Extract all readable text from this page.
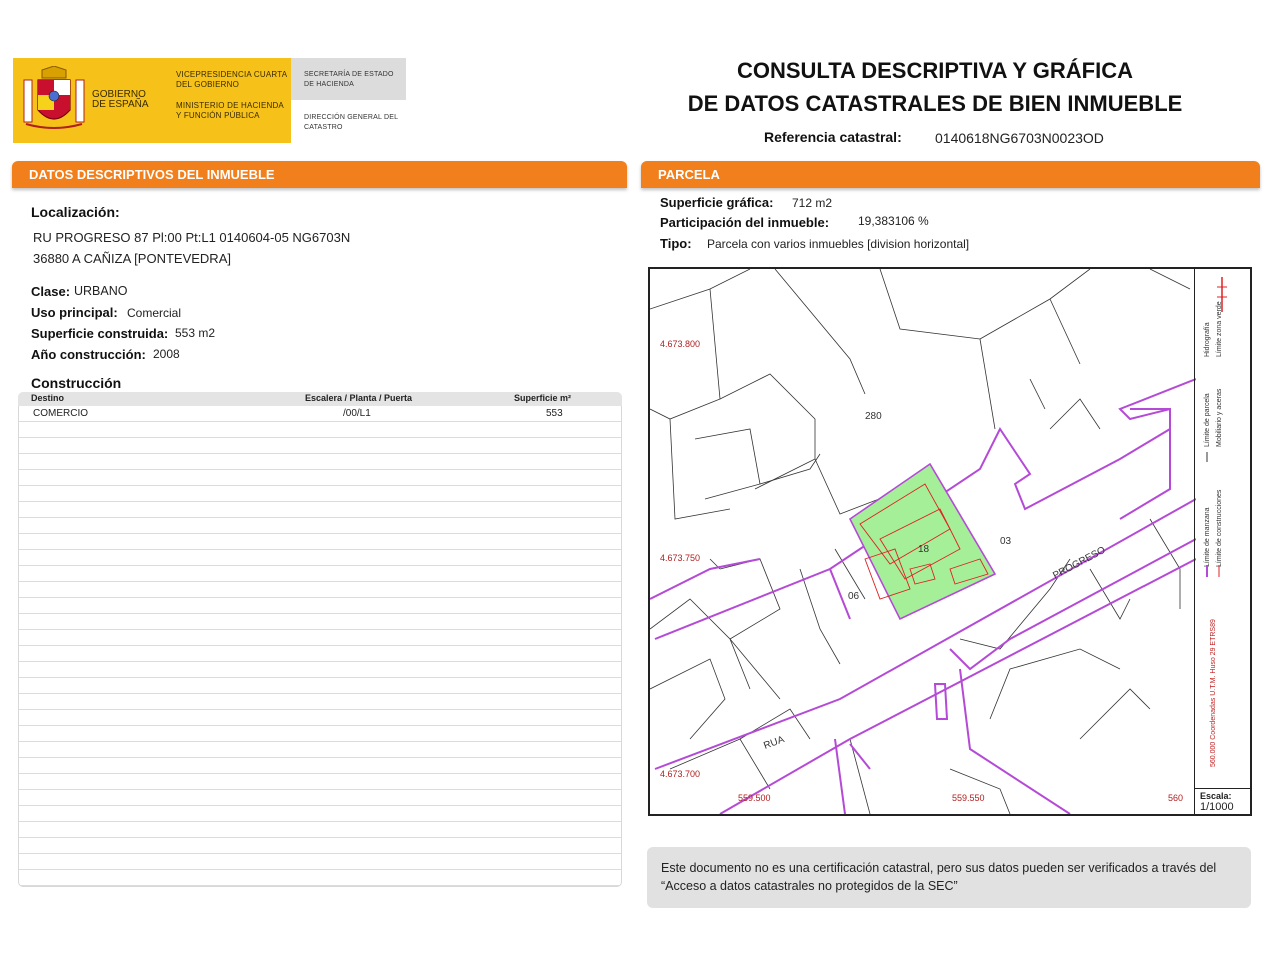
GOBIERNO DE ESPAÑA
VICEPRESIDENCIA CUARTA DEL GOBIERNO
MINISTERIO DE HACIENDA Y FUNCIÓN PÚBLICA
SECRETARÍA DE ESTADO DE HACIENDA
DIRECCIÓN GENERAL DEL CATASTRO
CONSULTA DESCRIPTIVA Y GRÁFICA
DE DATOS CATASTRALES DE BIEN INMUEBLE
Referencia catastral: 0140618NG6703N0023OD
DATOS DESCRIPTIVOS DEL INMUEBLE
Localización:
RU PROGRESO 87 Pl:00 Pt:L1 0140604-05 NG6703N
36880 A CAÑIZA [PONTEVEDRA]
Clase: URBANO
Uso principal: Comercial
Superficie construida: 553 m2
Año construcción: 2008
Construcción
Destino	Escalera / Planta / Puerta	Superficie m²
COMERCIO	/00/L1	553
PARCELA
Superficie gráfica: 712 m2
Participación del inmueble: 19,383106 %
Tipo: Parcela con varios inmuebles [division horizontal]
4.673.800
4.673.750
4.673.700
559.500	559.550	560
280
03
06
18	PROGRESO
RUA
Hidrografía Límite zona verde
Límite de parcela Mobiliario y aceras
Límite de manzana Límite de construcciones
560.000 Coordenadas U.T.M. Huso 29 ETRS89
Escala:
1/1000
Este documento no es una certificación catastral, pero sus datos pueden ser verificados a través del “Acceso a datos catastrales no protegidos de la SEC”
